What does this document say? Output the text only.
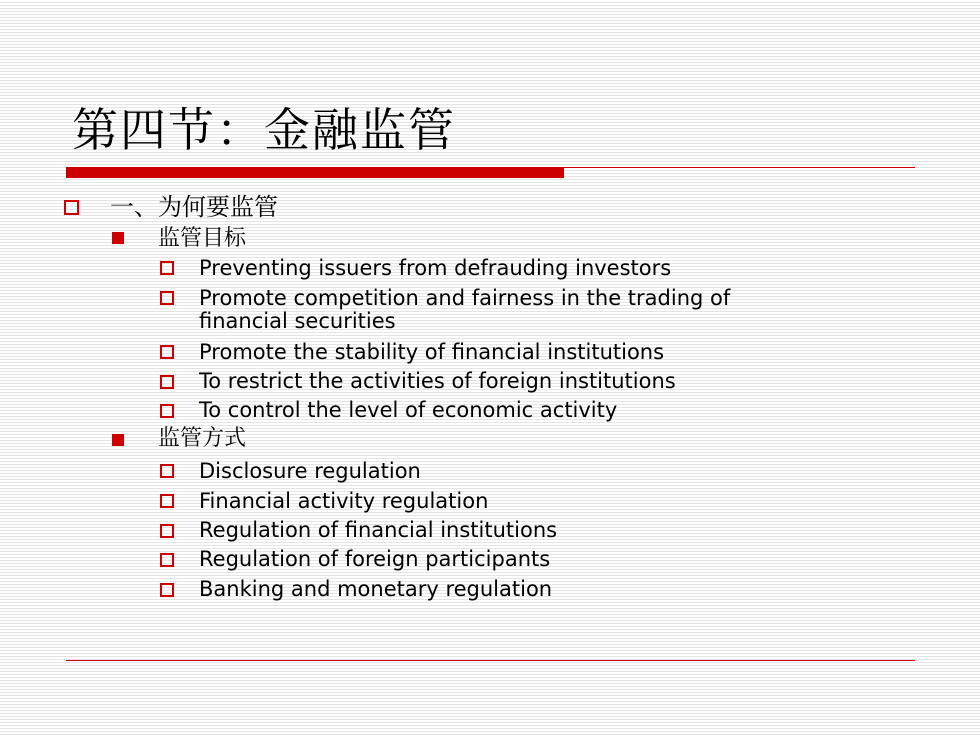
第四节：金融监管
一、为何要监管
监管目标
Preventing issuers from defrauding investors
Promote competition and fairness in the trading of
financial securities
Promote the stability of financial institutions
To restrict the activities of foreign institutions
To control the level of economic activity
监管方式
Disclosure regulation
Financial activity regulation
Regulation of financial institutions
Regulation of foreign participants
Banking and monetary regulation
